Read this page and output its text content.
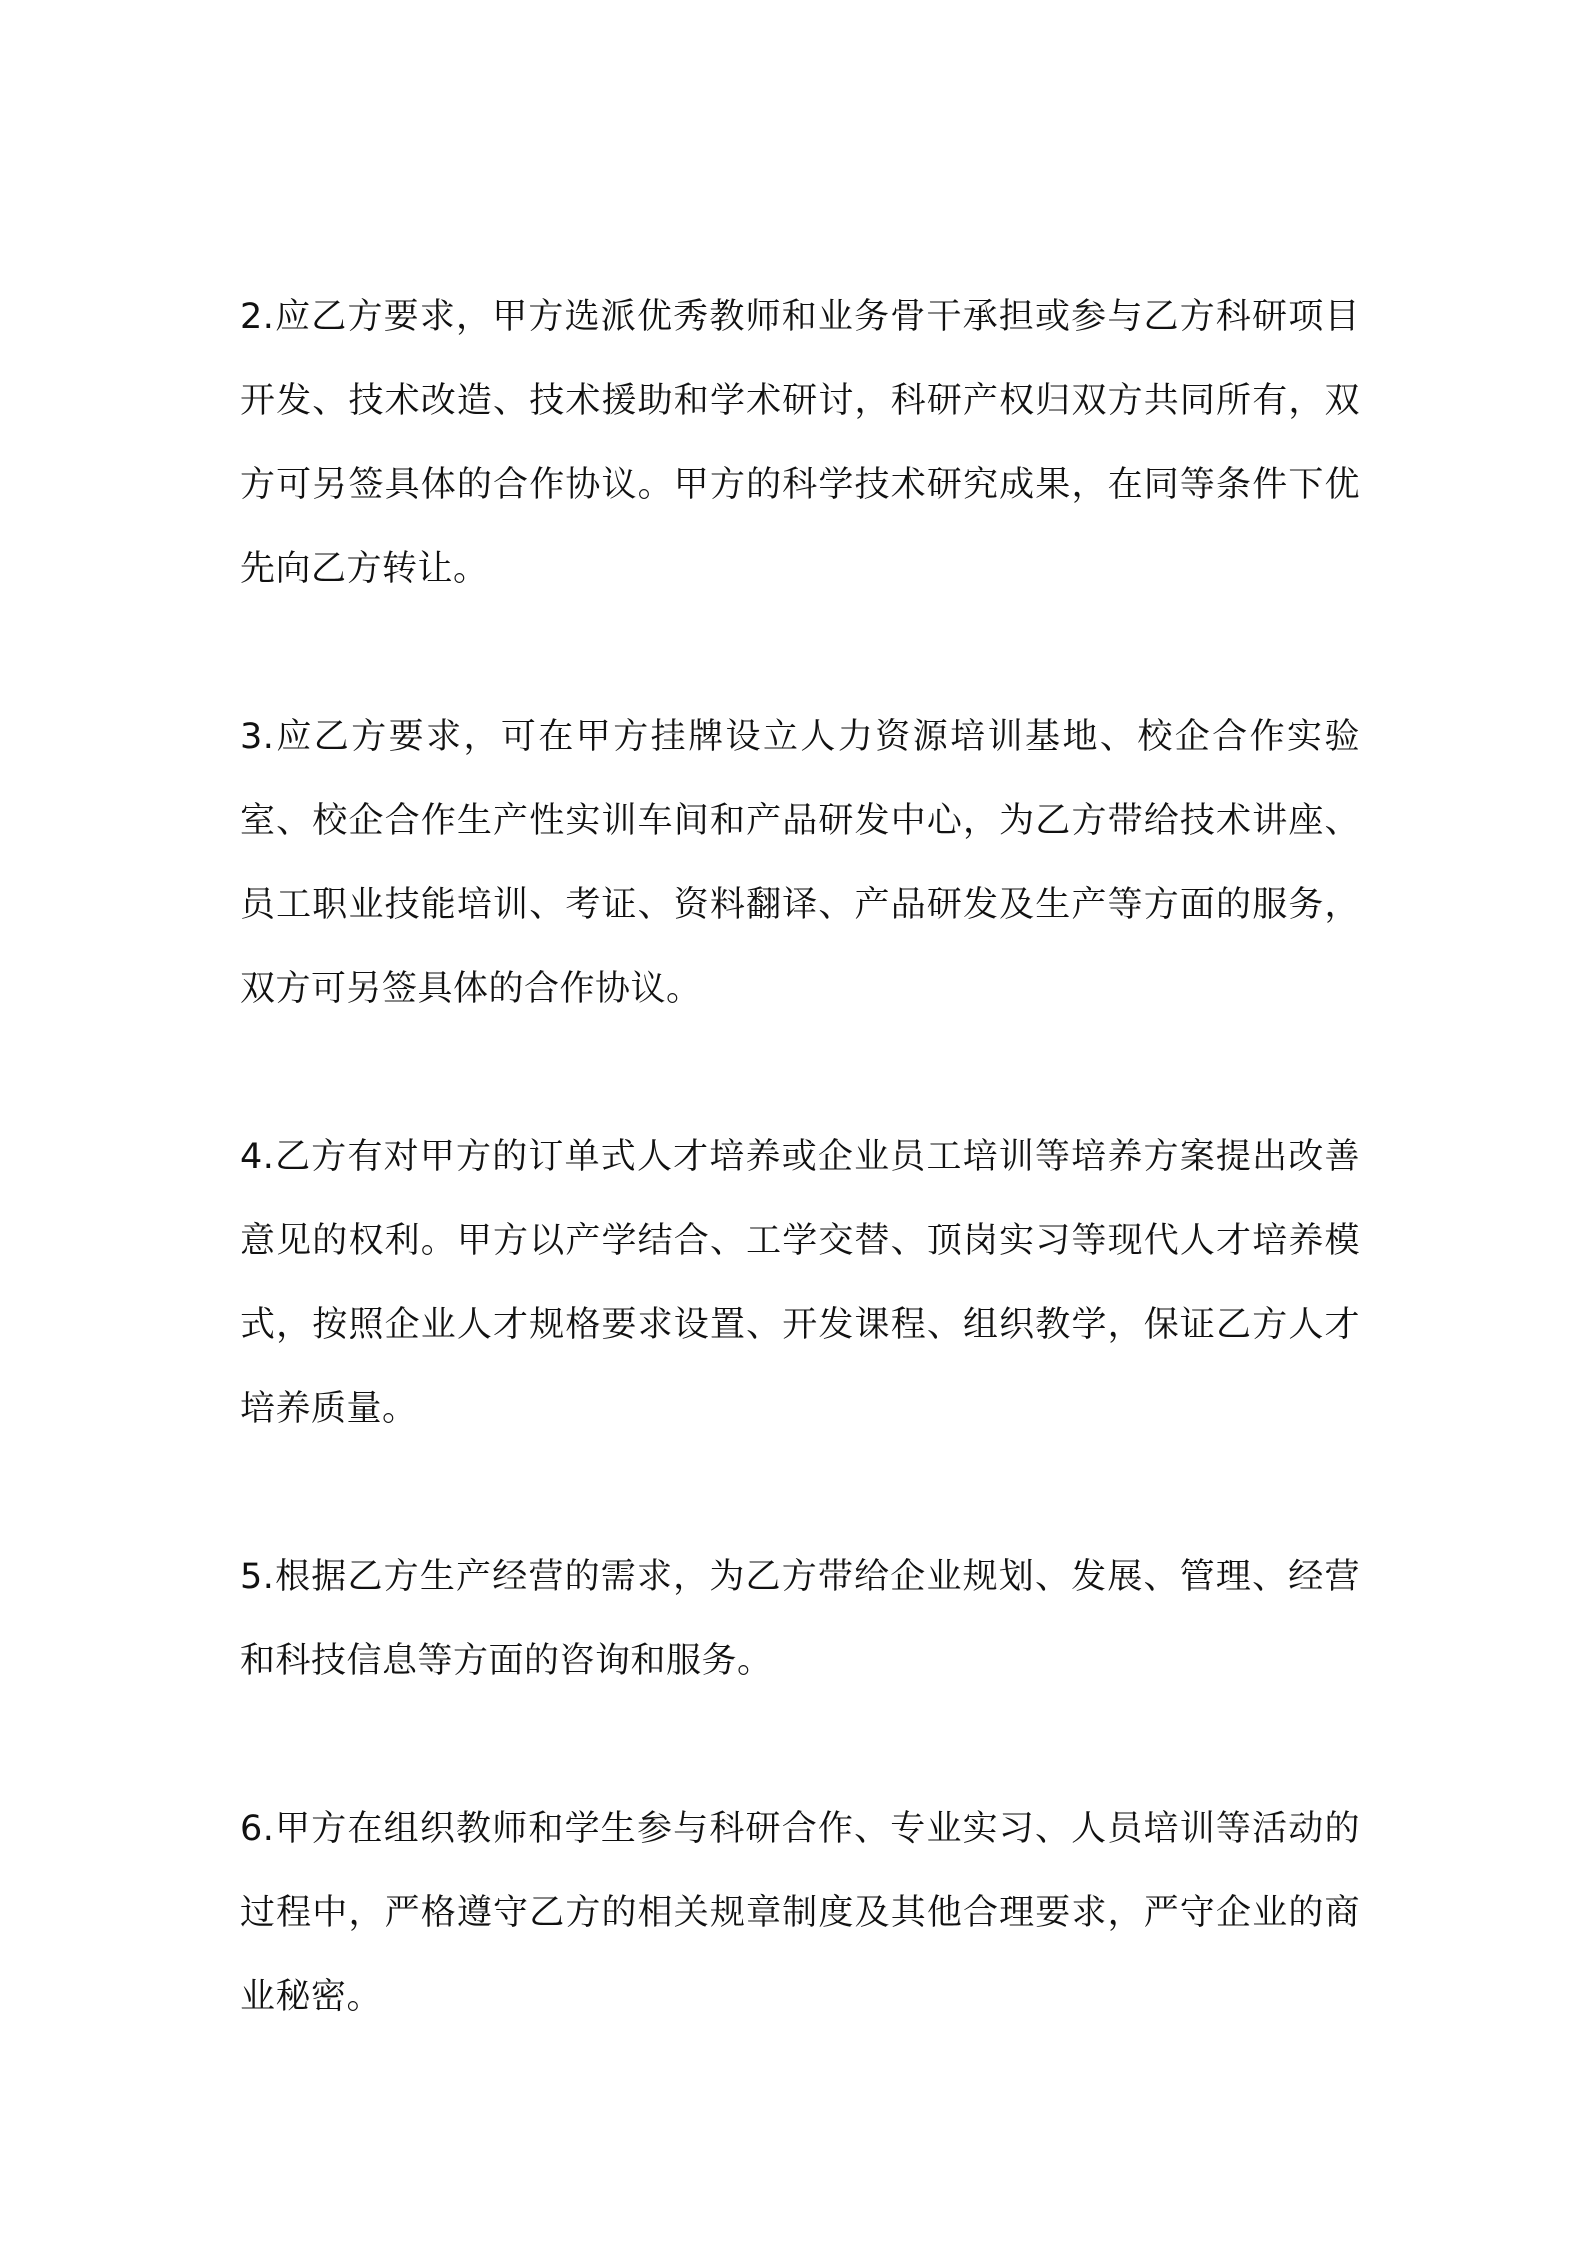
2.应乙方要求，甲方选派优秀教师和业务骨干承担或参与乙方科研项目开发、技术改造、技术援助和学术研讨，科研产权归双方共同所有，双方可另签具体的合作协议。甲方的科学技术研究成果，在同等条件下优先向乙方转让。

3.应乙方要求，可在甲方挂牌设立人力资源培训基地、校企合作实验室、校企合作生产性实训车间和产品研发中心，为乙方带给技术讲座、员工职业技能培训、考证、资料翻译、产品研发及生产等方面的服务，双方可另签具体的合作协议。

4.乙方有对甲方的订单式人才培养或企业员工培训等培养方案提出改善意见的权利。甲方以产学结合、工学交替、顶岗实习等现代人才培养模式，按照企业人才规格要求设置、开发课程、组织教学，保证乙方人才培养质量。

5.根据乙方生产经营的需求，为乙方带给企业规划、发展、管理、经营和科技信息等方面的咨询和服务。

6.甲方在组织教师和学生参与科研合作、专业实习、人员培训等活动的过程中，严格遵守乙方的相关规章制度及其他合理要求，严守企业的商业秘密。
